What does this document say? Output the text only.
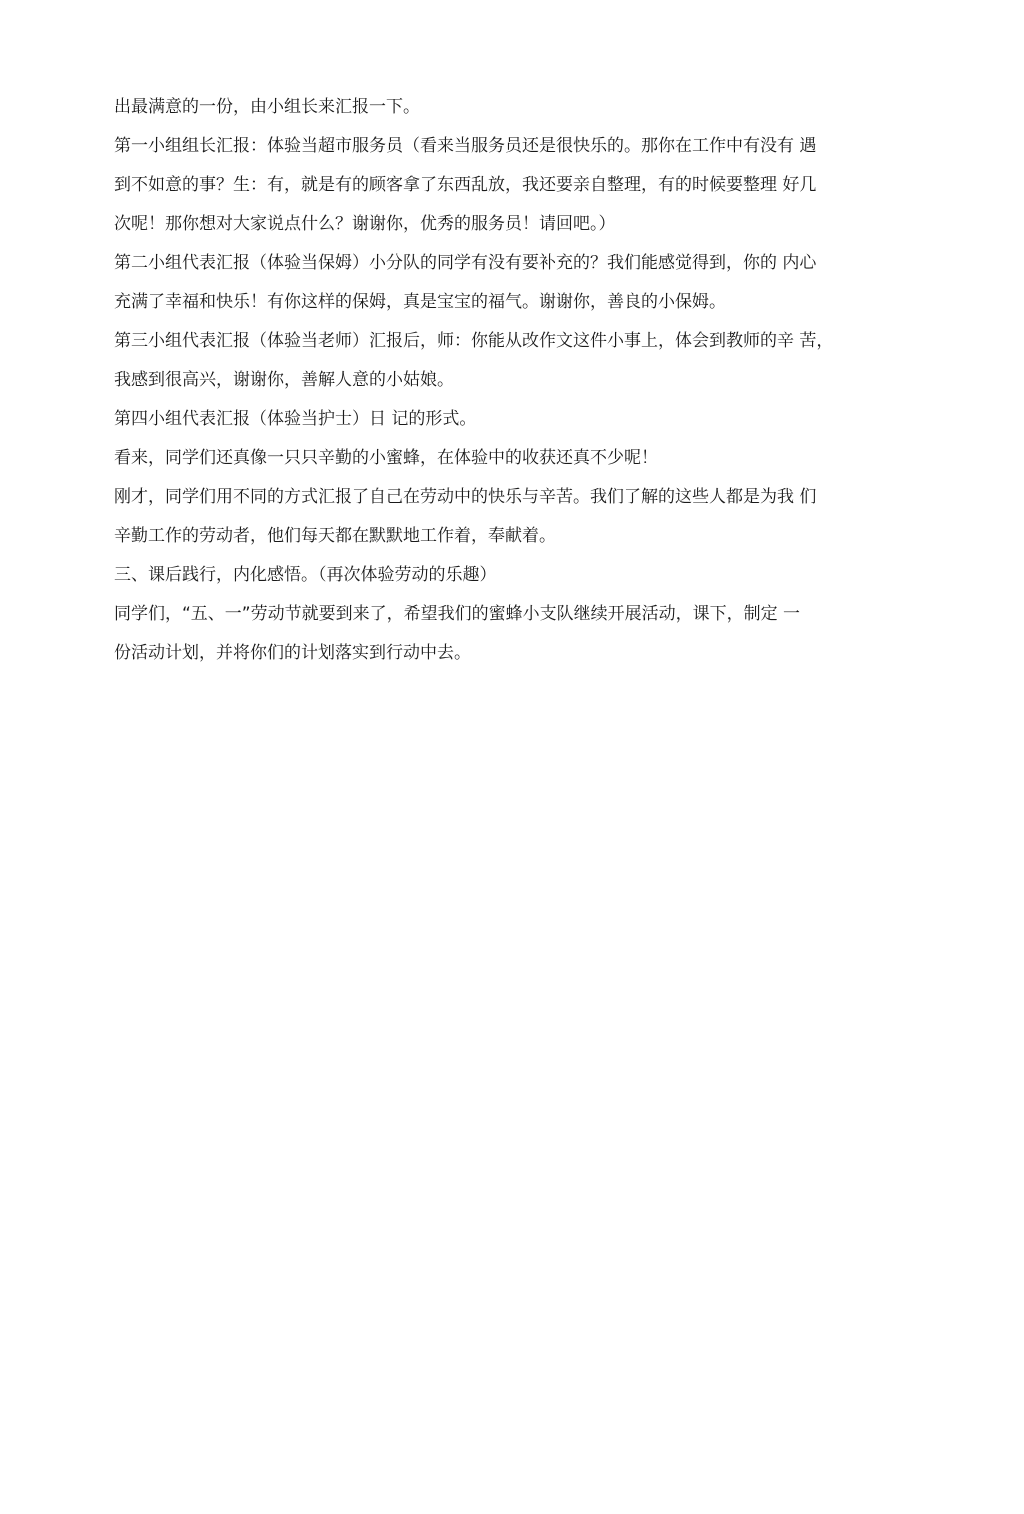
出最满意的一份，由小组长来汇报一下。
第一小组组长汇报：体验当超市服务员（看来当服务员还是很快乐的。那你在工作中有没有 遇
到不如意的事？生：有，就是有的顾客拿了东西乱放，我还要亲自整理，有的时候要整理 好几
次呢！那你想对大家说点什么？谢谢你，优秀的服务员！请回吧。）
第二小组代表汇报（体验当保姆）小分队的同学有没有要补充的？我们能感觉得到，你的 内心
充满了幸福和快乐！有你这样的保姆，真是宝宝的福气。谢谢你，善良的小保姆。
第三小组代表汇报（体验当老师）汇报后，师：你能从改作文这件小事上，体会到教师的辛 苦，
我感到很高兴，谢谢你，善解人意的小姑娘。
第四小组代表汇报（体验当护士）日 记的形式。
看来，同学们还真像一只只辛勤的小蜜蜂，在体验中的收获还真不少呢！
刚才，同学们用不同的方式汇报了自己在劳动中的快乐与辛苦。我们了解的这些人都是为我 们
辛勤工作的劳动者，他们每天都在默默地工作着，奉献着。
三、课后践行，内化感悟。（再次体验劳动的乐趣）
同学们，“五、一”劳动节就要到来了，希望我们的蜜蜂小支队继续开展活动，课下，制定 一
份活动计划，并将你们的计划落实到行动中去。
